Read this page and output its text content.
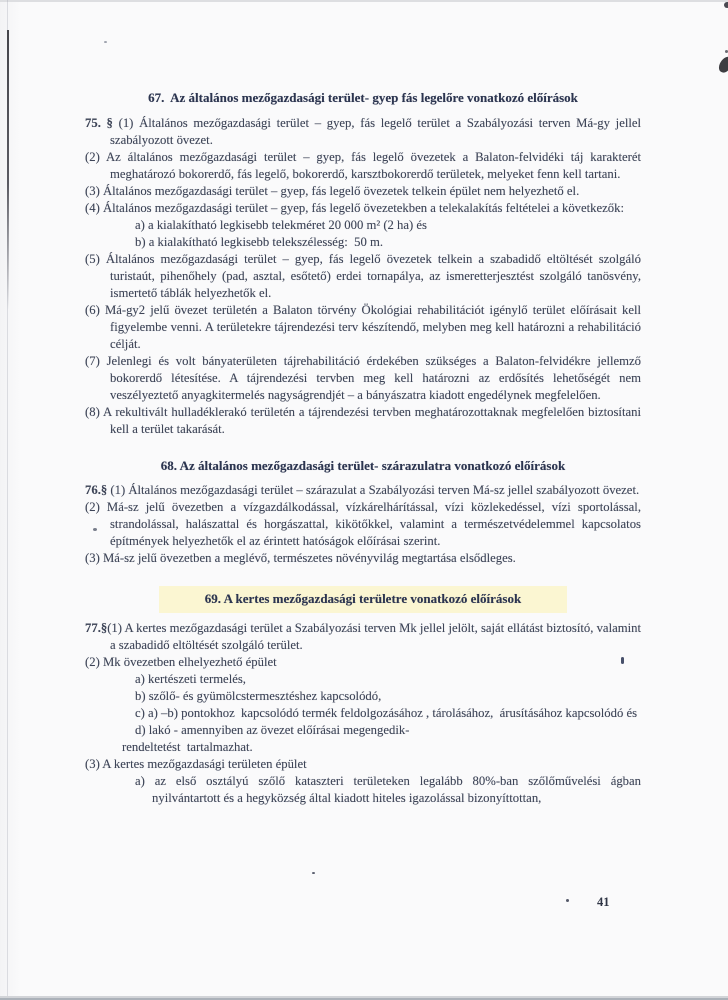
67.  Az általános mezőgazdasági terület- gyep fás legelőre vonatkozó előírások
75. § (1) Általános mezőgazdasági terület – gyep, fás legelő terület a Szabályozási terven Má-gy jellel szabályozott övezet.
(2) Az általános mezőgazdasági terület – gyep, fás legelő övezetek a Balaton-felvidéki táj karakterét meghatározó bokorerdő, fás legelő, bokorerdő, karsztbokorerdő területek, melyeket fenn kell tartani.
(3) Általános mezőgazdasági terület – gyep, fás legelő övezetek telkein épület nem helyezhető el.
(4) Általános mezőgazdasági terület – gyep, fás legelő övezetekben a telekalakítás feltételei a következők:
a) a kialakítható legkisebb telekméret 20 000 m² (2 ha) és
b) a kialakítható legkisebb telekszélesség:  50 m.
(5) Általános mezőgazdasági terület – gyep, fás legelő övezetek telkein a szabadidő eltöltését szolgáló turistaút, pihenőhely (pad, asztal, esőtető) erdei tornapálya, az ismeretterjesztést szolgáló tanösvény, ismertető táblák helyezhetők el.
(6) Má-gy2 jelű övezet területén a Balaton törvény Ökológiai rehabilitációt igénylő terület előírásait kell figyelembe venni. A területekre tájrendezési terv készítendő, melyben meg kell határozni a rehabilitáció célját.
(7) Jelenlegi és volt bányaterületen tájrehabilitáció érdekében szükséges a Balaton-felvidékre jellemző bokorerdő létesítése. A tájrendezési tervben meg kell határozni az erdősítés lehetőségét nem veszélyeztető anyagkitermelés nagyságrendjét – a bányászatra kiadott engedélynek megfelelően.
(8) A rekultivált hulladéklerakó területén a tájrendezési tervben meghatározottaknak megfelelően biztosítani kell a terület takarását.
68. Az általános mezőgazdasági terület- szárazulatra vonatkozó előírások
76.§ (1) Általános mezőgazdasági terület – szárazulat a Szabályozási terven Má-sz jellel szabályozott övezet.
(2) Má-sz jelű övezetben a vízgazdálkodással, vízkárelhárítással, vízi közlekedéssel, vízi sportolással, strandolással, halászattal és horgászattal, kikötőkkel, valamint a természetvédelemmel kapcsolatos építmények helyezhetők el az érintett hatóságok előírásai szerint.
(3) Má-sz jelű övezetben a meglévő, természetes növényvilág megtartása elsődleges.
69. A kertes mezőgazdasági területre vonatkozó előírások
77.§(1) A kertes mezőgazdasági terület a Szabályozási terven Mk jellel jelölt, saját ellátást biztosító, valamint a szabadidő eltöltését szolgáló terület.
(2) Mk övezetben elhelyezhető épület
a) kertészeti termelés,
b) szőlő- és gyümölcstermesztéshez kapcsolódó,
c) a) –b) pontokhoz  kapcsolódó termék feldolgozásához , tárolásához,  árusításához kapcsolódó és
d) lakó - amennyiben az övezet előírásai megengedik-
rendeltetést  tartalmazhat.
(3) A kertes mezőgazdasági területen épület
a) az első osztályú szőlő kataszteri területeken legalább 80%-ban szőlőművelési ágban nyilvántartott és a hegyközség által kiadott hiteles igazolással bizonyíttottan,
41
